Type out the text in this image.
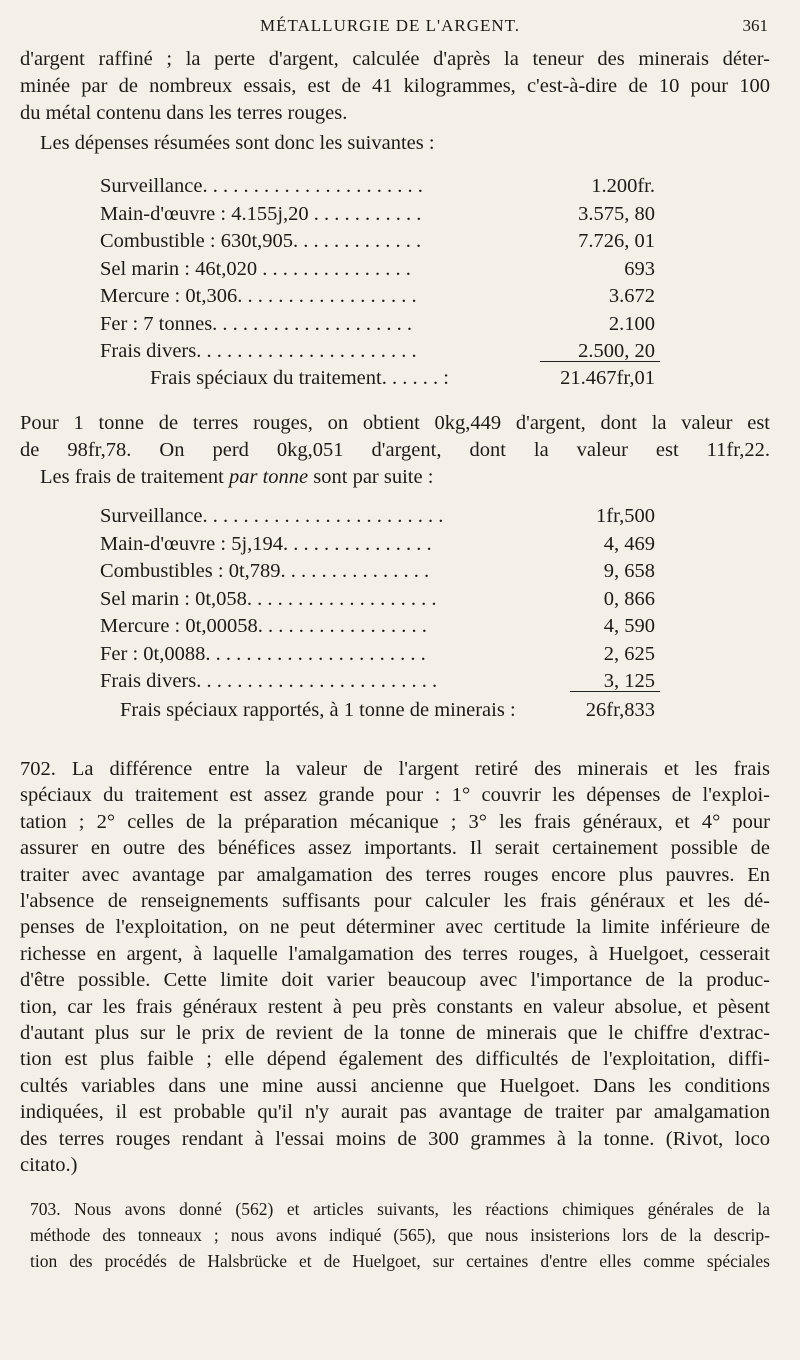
MÉTALLURGIE DE L'ARGENT.	361
d'argent raffiné ; la perte d'argent, calculée d'après la teneur des minerais déter-
minée par de nombreux essais, est de 41 kilogrammes, c'est-à-dire de 10 pour 100
du métal contenu dans les terres rouges.
Les dépenses résumées sont donc les suivantes :
Surveillance. . . . . . . . . . . . . . . . . . . . . .	1.200fr.
Main-d'œuvre : 4.155j,20 . . . . . . . . . . .	3.575, 80
Combustible : 630t,905. . . . . . . . . . . . .	7.726, 01
Sel marin : 46t,020 . . . . . . . . . . . . . . .	693
Mercure : 0t,306. . . . . . . . . . . . . . . . . .	3.672
Fer : 7 tonnes. . . . . . . . . . . . . . . . . . . .	2.100
Frais divers. . . . . . . . . . . . . . . . . . . . . .	2.500, 20
Frais spéciaux du traitement. . . . . . :	21.467fr,01
Pour 1 tonne de terres rouges, on obtient 0kg,449 d'argent, dont la valeur est
de 98fr,78. On perd 0kg,051 d'argent, dont la valeur est 11fr,22.
Les frais de traitement par tonne sont par suite :
Surveillance. . . . . . . . . . . . . . . . . . . . . . . .	1fr,500
Main-d'œuvre : 5j,194. . . . . . . . . . . . . . .	4, 469
Combustibles : 0t,789. . . . . . . . . . . . . . .	9, 658
Sel marin : 0t,058. . . . . . . . . . . . . . . . . . .	0, 866
Mercure : 0t,00058. . . . . . . . . . . . . . . . .	4, 590
Fer : 0t,0088. . . . . . . . . . . . . . . . . . . . . .	2, 625
Frais divers. . . . . . . . . . . . . . . . . . . . . . . .	3, 125
Frais spéciaux rapportés, à 1 tonne de minerais :	26fr,833
702. La différence entre la valeur de l'argent retiré des minerais et les frais
spéciaux du traitement est assez grande pour : 1° couvrir les dépenses de l'exploi-
tation ; 2° celles de la préparation mécanique ; 3° les frais généraux, et 4° pour
assurer en outre des bénéfices assez importants. Il serait certainement possible de
traiter avec avantage par amalgamation des terres rouges encore plus pauvres. En
l'absence de renseignements suffisants pour calculer les frais généraux et les dé-
penses de l'exploitation, on ne peut déterminer avec certitude la limite inférieure de
richesse en argent, à laquelle l'amalgamation des terres rouges, à Huelgoet, cesserait
d'être possible. Cette limite doit varier beaucoup avec l'importance de la produc-
tion, car les frais généraux restent à peu près constants en valeur absolue, et pèsent
d'autant plus sur le prix de revient de la tonne de minerais que le chiffre d'extrac-
tion est plus faible ; elle dépend également des difficultés de l'exploitation, diffi-
cultés variables dans une mine aussi ancienne que Huelgoet. Dans les conditions
indiquées, il est probable qu'il n'y aurait pas avantage de traiter par amalgamation
des terres rouges rendant à l'essai moins de 300 grammes à la tonne. (Rivot, loco
citato.)
703. Nous avons donné (562) et articles suivants, les réactions chimiques générales de la
méthode des tonneaux ; nous avons indiqué (565), que nous insisterions lors de la descrip-
tion des procédés de Halsbrücke et de Huelgoet, sur certaines d'entre elles comme spéciales
